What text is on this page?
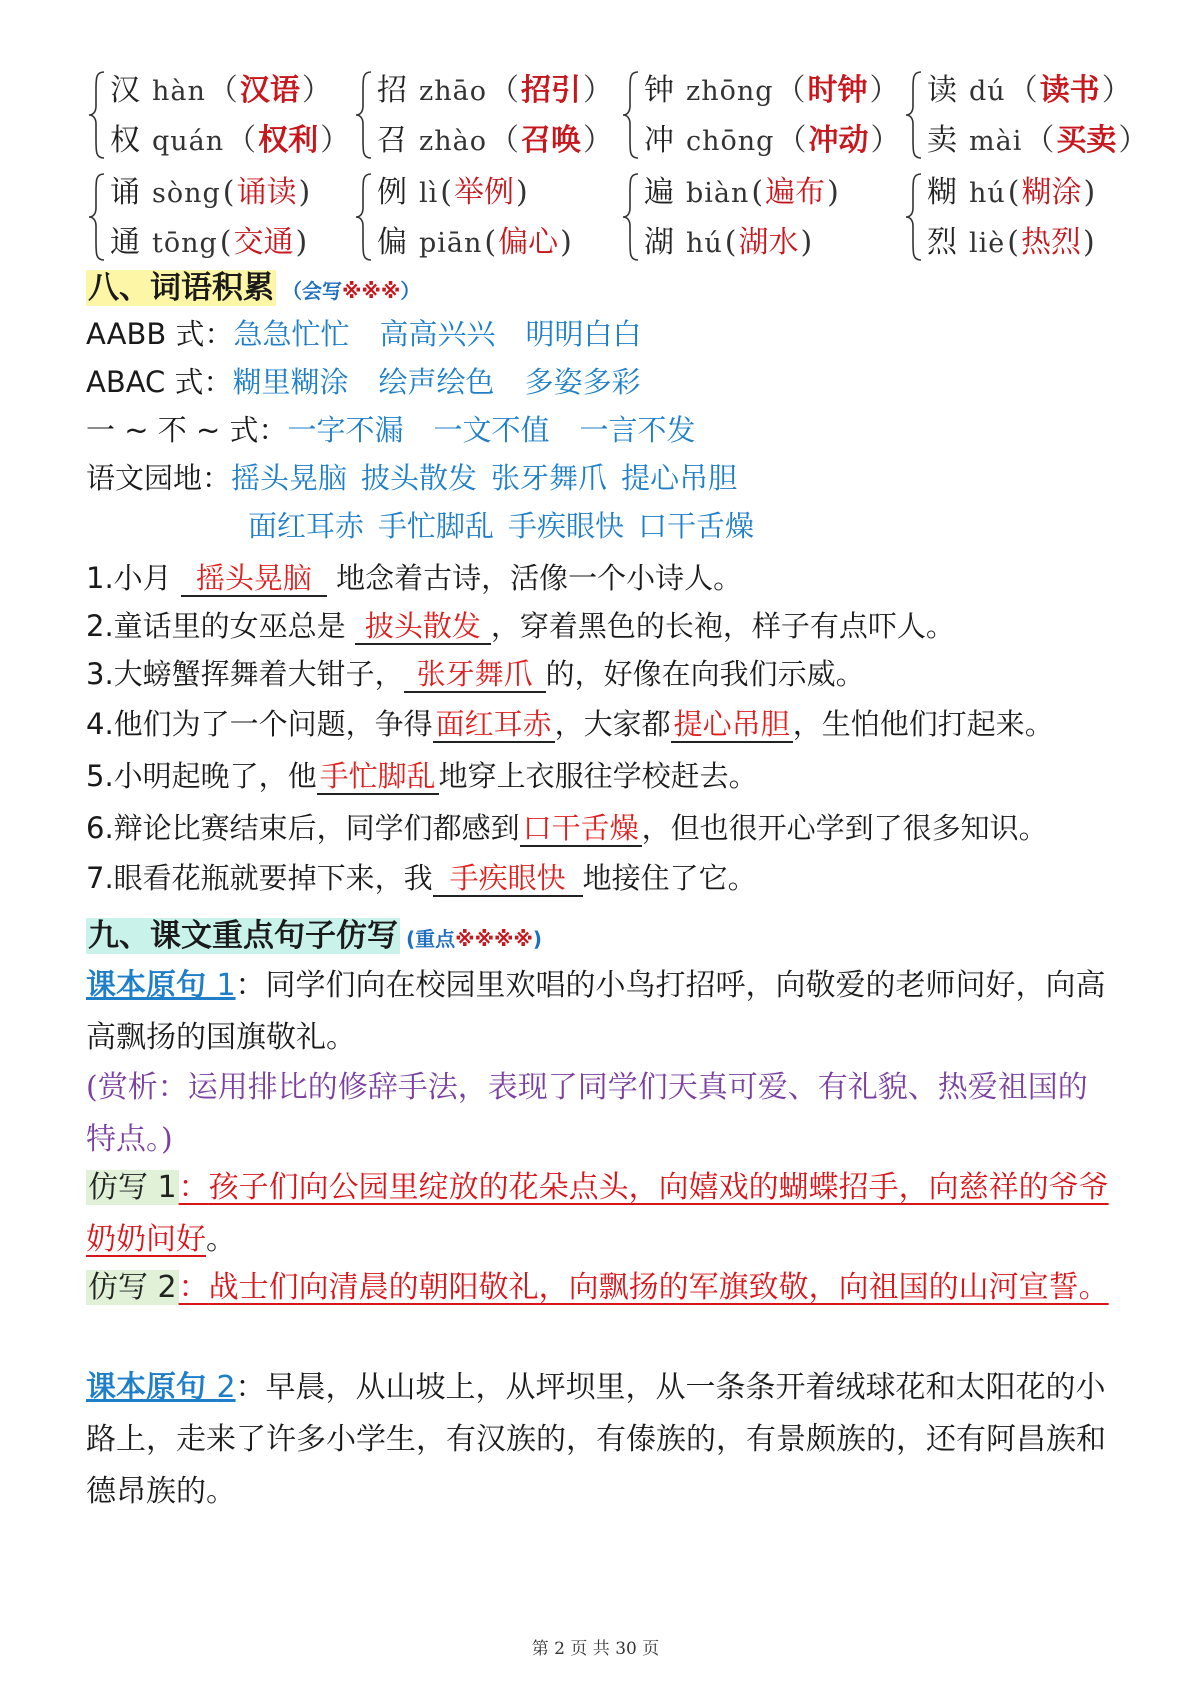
汉 hàn（汉语）
权 quán（权利）
招 zhāo（招引）
召 zhào（召唤）
钟 zhōng（时钟）
冲 chōng（冲动）
读 dú（读书）
卖 mài（买卖）
诵 sòng(诵读)
通 tōng(交通)
例 lì(举例)
偏 piān(偏心)
遍 biàn(遍布)
湖 hú(湖水)
糊 hú(糊涂)
烈 liè(热烈)
八、词语积累 （会写※※※）
AABB 式：急急忙忙 高高兴兴 明明白白
ABAC 式：糊里糊涂 绘声绘色 多姿多彩
一 ~ 不 ~ 式：一字不漏 一文不值 一言不发
语文园地：摇头晃脑 披头散发 张牙舞爪 提心吊胆
面红耳赤 手忙脚乱 手疾眼快 口干舌燥
1.小月 摇头晃脑 地念着古诗，活像一个小诗人。
2.童话里的女巫总是 披头散发 ，穿着黑色的长袍，样子有点吓人。
3.大螃蟹挥舞着大钳子， 张牙舞爪 的，好像在向我们示威。
4.他们为了一个问题，争得 面红耳赤 ，大家都 提心吊胆 ，生怕他们打起来。
5.小明起晚了，他 手忙脚乱 地穿上衣服往学校赶去。
6.辩论比赛结束后，同学们都感到 口干舌燥 ，但也很开心学到了很多知识。
7.眼看花瓶就要掉下来，我 手疾眼快 地接住了它。
九、课文重点句子仿写 (重点※※※※)
课本原句 1：同学们向在校园里欢唱的小鸟打招呼，向敬爱的老师问好，向高高飘扬的国旗敬礼。
(赏析：运用排比的修辞手法，表现了同学们天真可爱、有礼貌、热爱祖国的特点。)
仿写 1：孩子们向公园里绽放的花朵点头，向嬉戏的蝴蝶招手，向慈祥的爷爷奶奶问好。
仿写 2：战士们向清晨的朝阳敬礼，向飘扬的军旗致敬，向祖国的山河宣誓。
课本原句 2：早晨，从山坡上，从坪坝里，从一条条开着绒球花和太阳花的小路上，走来了许多小学生，有汉族的，有傣族的，有景颇族的，还有阿昌族和德昂族的。
第 2 页 共 30 页
